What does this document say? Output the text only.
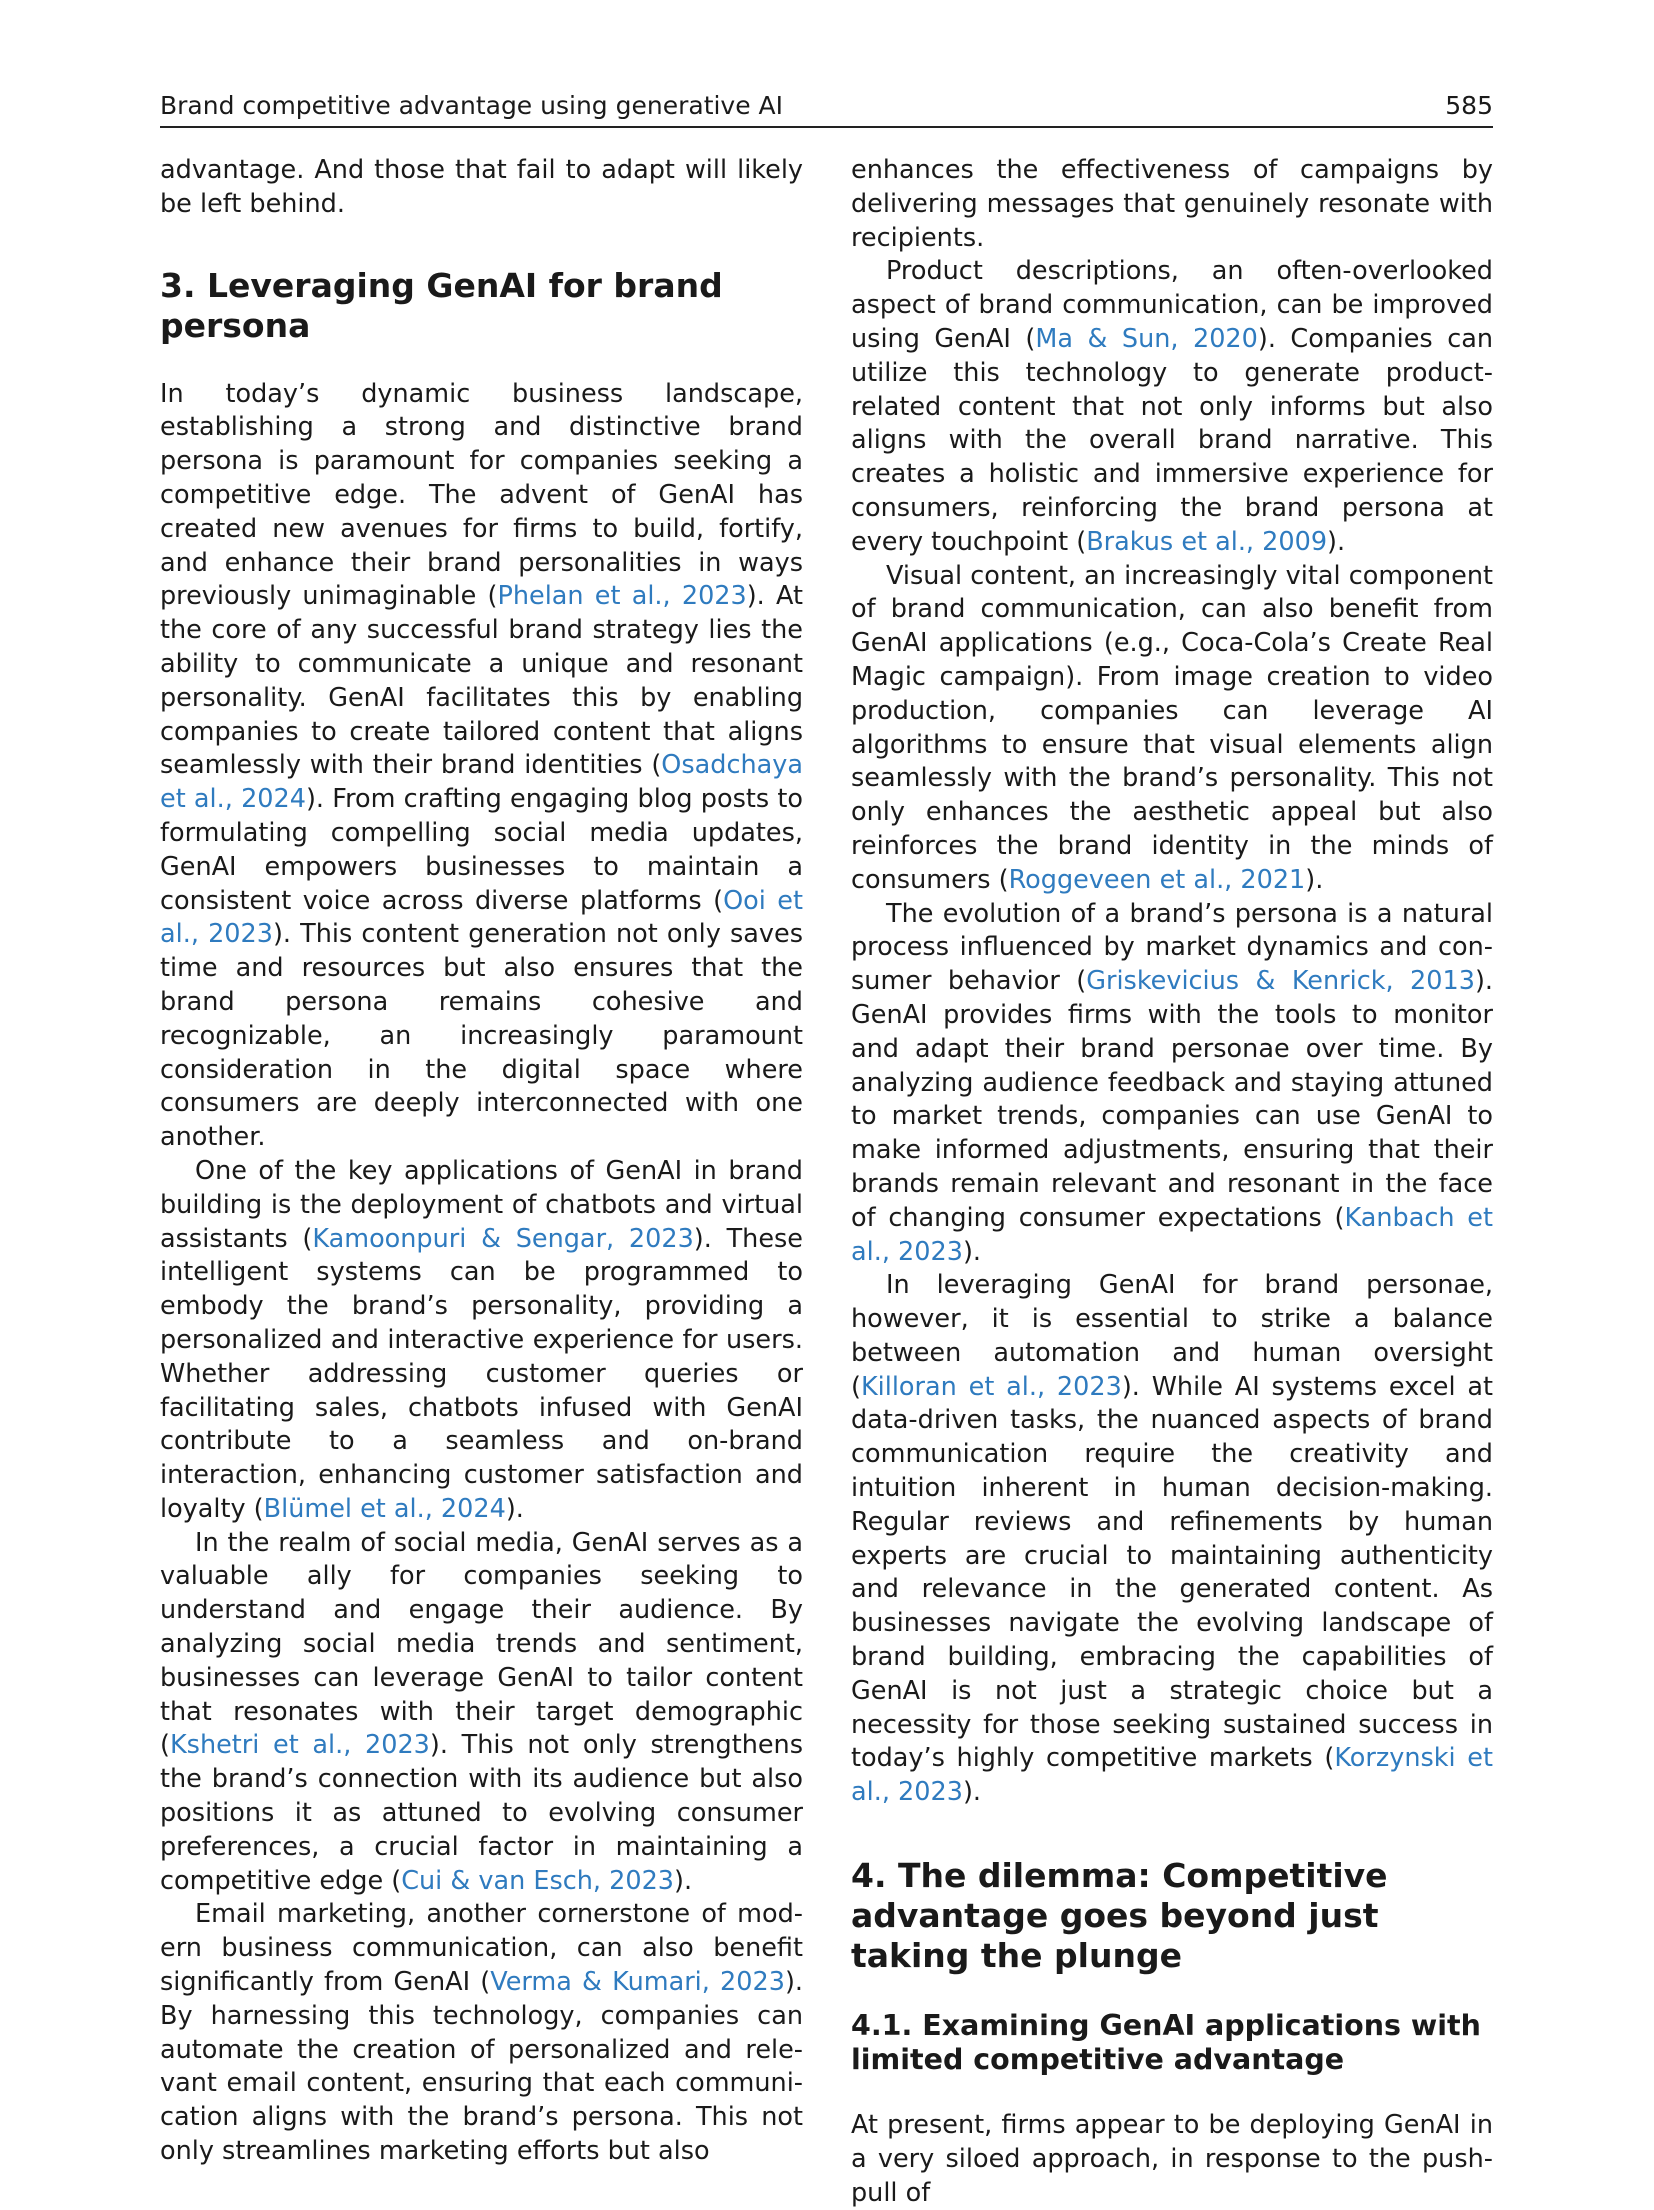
Brand competitive advantage using generative AI	585

advantage. And those that fail to adapt will likely be left behind.

3. Leveraging GenAI for brand persona

In today’s dynamic business landscape, establishing a strong and distinctive brand persona is paramount for companies seeking a competitive edge. The advent of GenAI has created new avenues for firms to build, fortify, and enhance their brand personalities in ways previously unimaginable (Phelan et al., 2023). At the core of any successful brand strategy lies the ability to communicate a unique and resonant personality. GenAI facilitates this by enabling companies to create tailored content that aligns seamlessly with their brand identities (Osadchaya et al., 2024). From crafting engaging blog posts to formulating compelling social media updates, GenAI empowers businesses to maintain a consistent voice across diverse platforms (Ooi et al., 2023). This content generation not only saves time and resources but also ensures that the brand persona remains cohesive and recognizable, an increasingly paramount consideration in the digital space where consumers are deeply interconnected with one another.

One of the key applications of GenAI in brand building is the deployment of chatbots and virtual assistants (Kamoonpuri & Sengar, 2023). These intelligent systems can be programmed to embody the brand’s personality, providing a personalized and interactive experience for users. Whether addressing customer queries or facilitating sales, chatbots infused with GenAI contribute to a seamless and on-brand interaction, enhancing customer satisfaction and loyalty (Blümel et al., 2024).

In the realm of social media, GenAI serves as a valuable ally for companies seeking to understand and engage their audience. By analyzing social media trends and sentiment, businesses can leverage GenAI to tailor content that resonates with their target demographic (Kshetri et al., 2023). This not only strengthens the brand’s connection with its audience but also positions it as attuned to evolving consumer preferences, a crucial factor in maintaining a competitive edge (Cui & van Esch, 2023).

Email marketing, another cornerstone of modern business communication, can also benefit significantly from GenAI (Verma & Kumari, 2023). By harnessing this technology, companies can automate the creation of personalized and relevant email content, ensuring that each communication aligns with the brand’s persona. This not only streamlines marketing efforts but also

enhances the effectiveness of campaigns by delivering messages that genuinely resonate with recipients.

Product descriptions, an often-overlooked aspect of brand communication, can be improved using GenAI (Ma & Sun, 2020). Companies can utilize this technology to generate product-related content that not only informs but also aligns with the overall brand narrative. This creates a holistic and immersive experience for consumers, reinforcing the brand persona at every touchpoint (Brakus et al., 2009).

Visual content, an increasingly vital component of brand communication, can also benefit from GenAI applications (e.g., Coca-Cola’s Create Real Magic campaign). From image creation to video production, companies can leverage AI algorithms to ensure that visual elements align seamlessly with the brand’s personality. This not only enhances the aesthetic appeal but also reinforces the brand identity in the minds of consumers (Roggeveen et al., 2021).

The evolution of a brand’s persona is a natural process influenced by market dynamics and consumer behavior (Griskevicius & Kenrick, 2013). GenAI provides firms with the tools to monitor and adapt their brand personae over time. By analyzing audience feedback and staying attuned to market trends, companies can use GenAI to make informed adjustments, ensuring that their brands remain relevant and resonant in the face of changing consumer expectations (Kanbach et al., 2023).

In leveraging GenAI for brand personae, however, it is essential to strike a balance between automation and human oversight (Killoran et al., 2023). While AI systems excel at data-driven tasks, the nuanced aspects of brand communication require the creativity and intuition inherent in human decision-making. Regular reviews and refinements by human experts are crucial to maintaining authenticity and relevance in the generated content. As businesses navigate the evolving landscape of brand building, embracing the capabilities of GenAI is not just a strategic choice but a necessity for those seeking sustained success in today’s highly competitive markets (Korzynski et al., 2023).

4. The dilemma: Competitive advantage goes beyond just taking the plunge
4.1. Examining GenAI applications with limited competitive advantage

At present, firms appear to be deploying GenAI in a very siloed approach, in response to the push-pull of
